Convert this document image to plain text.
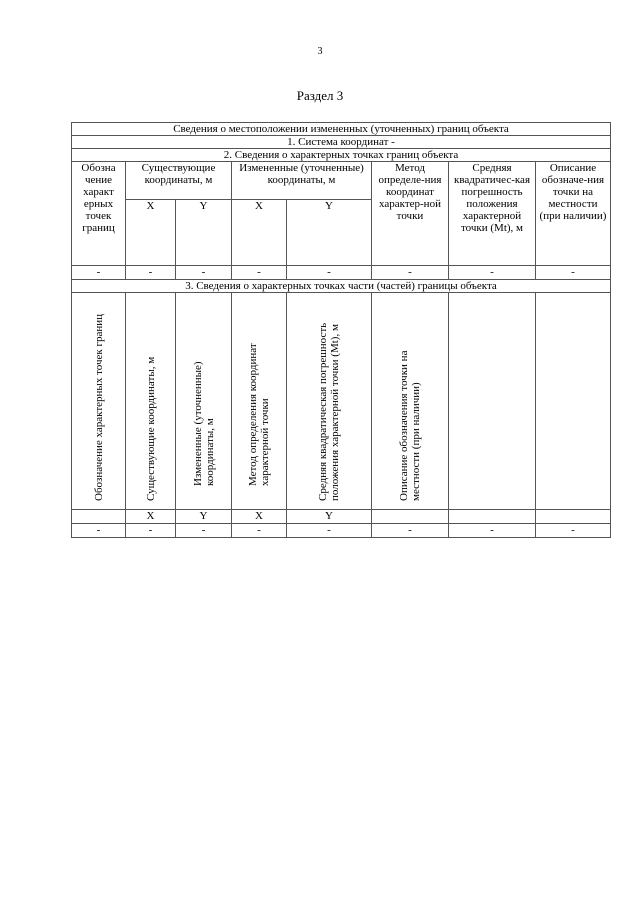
3
Раздел 3
Сведения о местоположении измененных (уточненных) границ объекта							
1. Система координат -							
2. Сведения о характерных точках границ объекта							
Обозна чение характ ерных точек границ	Существующие координаты, м		Измененные (уточненные) координаты, м		Метод определе-ния координат характер-ной точки	Средняя квадратичес-кая погрешность положения характерной точки (Mt), м	Описание обозначе-ния точки на местности (при наличии)
	X	Y	X	Y			
-	-	-	-	-	-	-	-
3. Сведения о характерных точках части (частей) границы объекта							

Обозначение характерных точек границ	Существующие координаты, м	Измененные (уточненные) координаты, м	Метод определения координат характерной точки	Средняя квадратическая погрешность положения характерной точки (Mt), м	Описание обозначения точки на местности (при наличии)		

	X	Y	X	Y			
-	-	-	-	-	-	-	-
